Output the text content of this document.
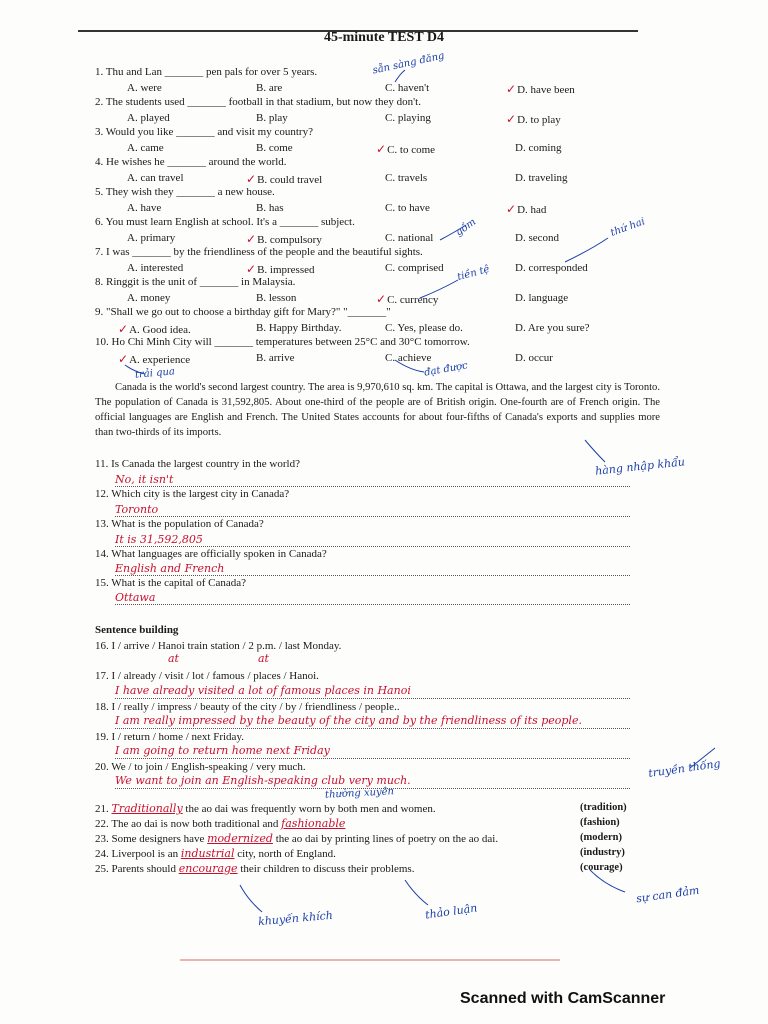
45-minute TEST D4
1. Thu and Lan _______ pen pals for over 5 years.
A. were	B. are	C. haven't	✓D. have been
2. The students used _______ football in that stadium, but now they don't.
A. played	B. play	C. playing	✓D. to play
3. Would you like _______ and visit my country?
A. came	B. come	✓C. to come	D. coming
4. He wishes he _______ around the world.
A. can travel	✓B. could travel	C. travels	D. traveling
5. They wish they _______ a new house.
A. have	B. has	C. to have	✓D. had
6. You must learn English at school. It's a _______ subject.
A. primary	✓B. compulsory	C. national	D. second
7. I was _______ by the friendliness of the people and the beautiful sights.
A. interested	✓B. impressed	C. comprised	D. corresponded
8. Ringgit is the unit of _______ in Malaysia.
A. money	B. lesson	✓C. currency	D. language
9. "Shall we go out to choose a birthday gift for Mary?" "_______"
✓A. Good idea.	B. Happy Birthday.	C. Yes, please do.	D. Are you sure?
10. Ho Chi Minh City will _______ temperatures between 25°C and 30°C tomorrow.
✓A. experience	B. arrive	C. achieve	D. occur
sẵn sàng đăng
gồm	thứ hai
tiền tệ
trải qua	đạt được
Canada is the world's second largest country. The area is 9,970,610 sq. km. The capital is Ottawa, and the largest city is Toronto. The population of Canada is 31,592,805. About one-third of the people are of British origin. One-fourth are of French origin. The official languages are English and French. The United States accounts for about four-fifths of Canada's exports and supplies more than two-thirds of its imports.
hàng nhập khẩu
11. Is Canada the largest country in the world?
No, it isn't
12. Which city is the largest city in Canada?
Toronto
13. What is the population of Canada?
It is 31,592,805
14. What languages are officially spoken in Canada?
English and French
15. What is the capital of Canada?
Ottawa
Sentence building
16. I / arrive / Hanoi train station / 2 p.m. / last Monday.
at	at
17. I / already / visit / lot / famous / places / Hanoi.
I have already visited a lot of famous places in Hanoi
18. I / really / impress / beauty of the city / by / friendliness / people..
I am really impressed by the beauty of the city and by the friendliness of its people.
19. I / return / home / next Friday.
I am going to return home next Friday
20. We / to join / English-speaking / very much.
We want to join an English-speaking club very much.
truyền thống
thường xuyên
21. Traditionally the ao dai was frequently worn by both men and women.	(tradition)
22. The ao dai is now both traditional and fashionable	(fashion)
23. Some designers have modernized the ao dai by printing lines of poetry on the ao dai.	(modern)
24. Liverpool is an industrial city, north of England.	(industry)
25. Parents should encourage their children to discuss their problems.	(courage)
sự can đảm
khuyến khích	thảo luận
Scanned with CamScanner
